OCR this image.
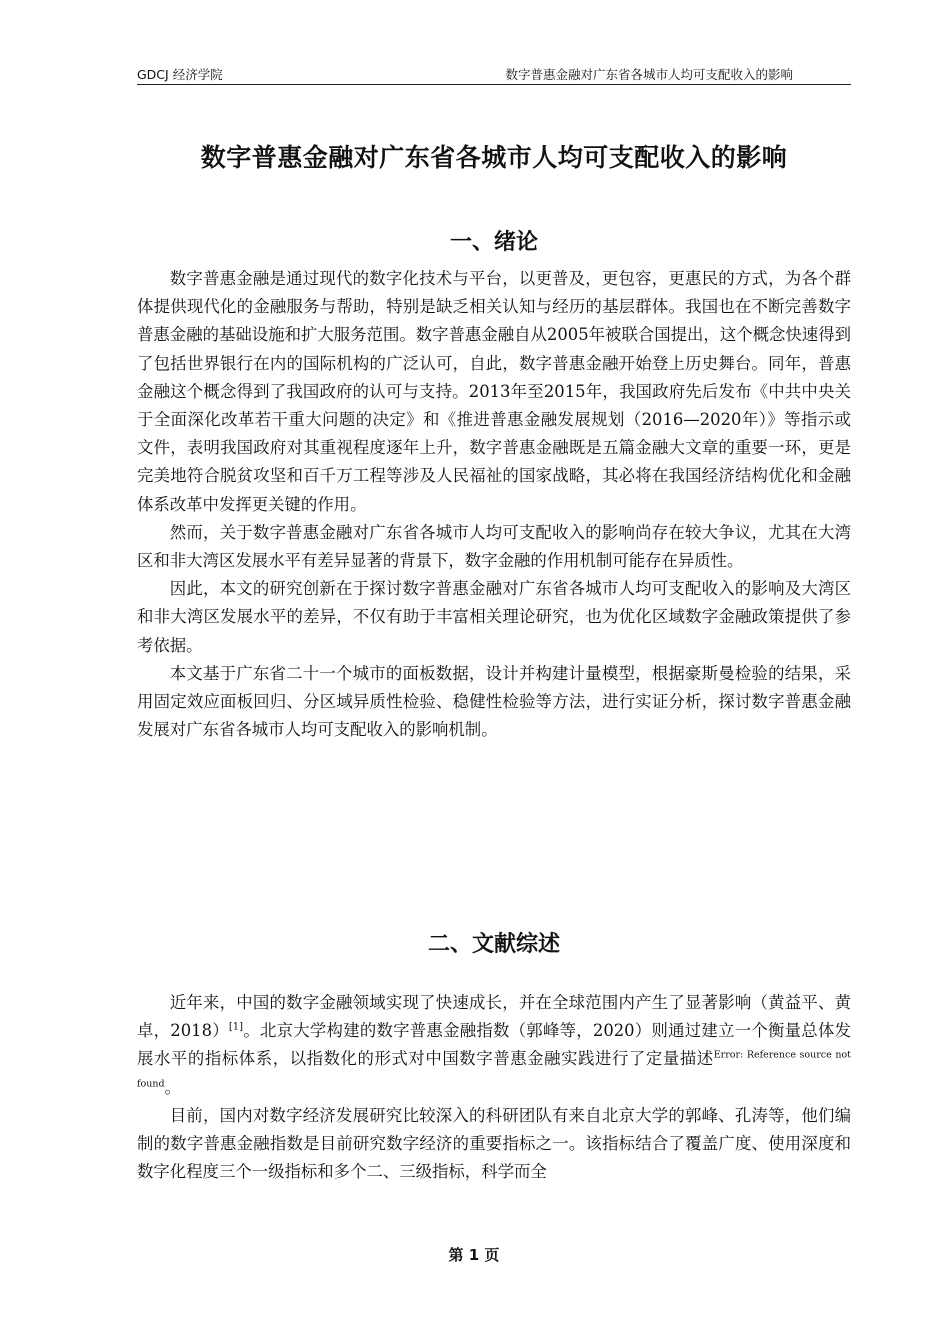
GDCJ 经济学院	数字普惠金融对广东省各城市人均可支配收入的影响
数字普惠金融对广东省各城市人均可支配收入的影响
一、绪论

数字普惠金融是通过现代的数字化技术与平台，以更普及，更包容，更惠民的方式，为各个群体提供现代化的金融服务与帮助，特别是缺乏相关认知与经历的基层群体。我国也在不断完善数字普惠金融的基础设施和扩大服务范围。数字普惠金融自从2005年被联合国提出，这个概念快速得到了包括世界银行在内的国际机构的广泛认可，自此，数字普惠金融开始登上历史舞台。同年，普惠金融这个概念得到了我国政府的认可与支持。2013年至2015年，我国政府先后发布《中共中央关于全面深化改革若干重大问题的决定》和《推进普惠金融发展规划（2016—2020年）》等指示或文件，表明我国政府对其重视程度逐年上升，数字普惠金融既是五篇金融大文章的重要一环，更是完美地符合脱贫攻坚和百千万工程等涉及人民福祉的国家战略，其必将在我国经济结构优化和金融体系改革中发挥更关键的作用。

然而，关于数字普惠金融对广东省各城市人均可支配收入的影响尚存在较大争议，尤其在大湾区和非大湾区发展水平有差异显著的背景下，数字金融的作用机制可能存在异质性。

因此，本文的研究创新在于探讨数字普惠金融对广东省各城市人均可支配收入的影响及大湾区和非大湾区发展水平的差异，不仅有助于丰富相关理论研究，也为优化区域数字金融政策提供了参考依据。

本文基于广东省二十一个城市的面板数据，设计并构建计量模型，根据豪斯曼检验的结果，采用固定效应面板回归、分区域异质性检验、稳健性检验等方法，进行实证分析，探讨数字普惠金融发展对广东省各城市人均可支配收入的影响机制。

二、文献综述

近年来，中国的数字金融领域实现了快速成长，并在全球范围内产生了显著影响（黄益平、黄卓，2018）[1]。北京大学构建的数字普惠金融指数（郭峰等，2020）则通过建立一个衡量总体发展水平的指标体系，以指数化的形式对中国数字普惠金融实践进行了定量描述$^{Error: Reference source not found}$。

目前，国内对数字经济发展研究比较深入的科研团队有来自北京大学的郭峰、孔涛等，他们编制的数字普惠金融指数是目前研究数字经济的重要指标之一。该指标结合了覆盖广度、使用深度和数字化程度三个一级指标和多个二、三级指标，科学而全

第 1 页
